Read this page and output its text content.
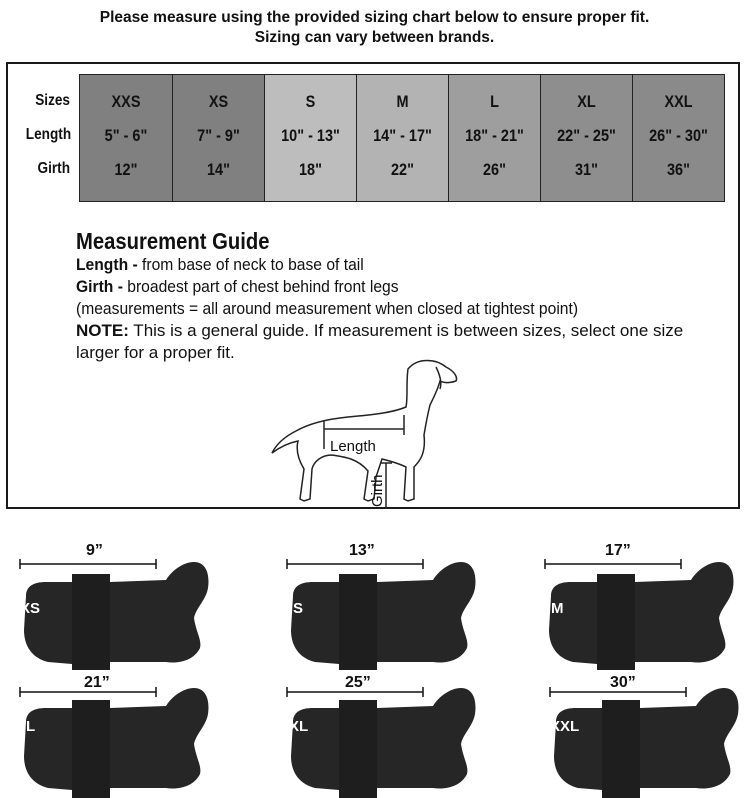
Please measure using the provided sizing chart below to ensure proper fit.
Sizing can vary between brands.
Sizes
Length
Girth
XXS
5" - 6"
12"
XS
7" - 9"
14"
S
10" - 13"
18"
M
14" - 17"
22"
L
18" - 21"
26"
XL
22" - 25"
31"
XXL
26" - 30"
36"
Measurement Guide
Length - from base of neck to base of tail
Girth - broadest part of chest behind front legs
(measurements = all around measurement when closed at tightest point)
NOTE: This is a general guide. If measurement is between sizes, select one size larger for a proper fit.
Length
Girth
9”
XS
13”
S
17”
M
21”
L
25”
XL
30”
XXL
